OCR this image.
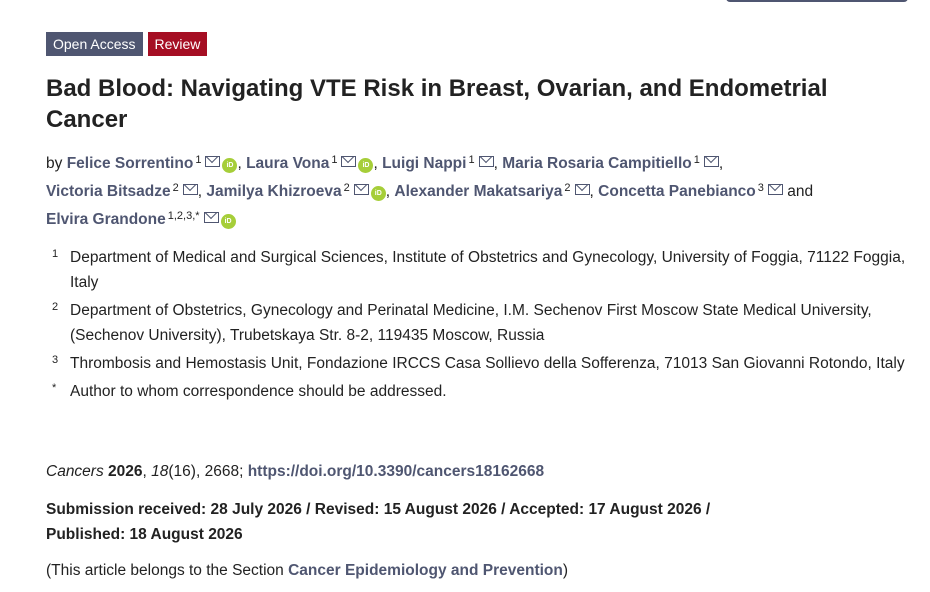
Open Access	Review
Bad Blood: Navigating VTE Risk in Breast, Ovarian, and Endometrial Cancer
by Felice Sorrentino $^1$	iD , Laura Vona $^1$	iD , Luigi Nappi $^1$ , Maria Rosaria Campitiello $^1$ ,
Victoria Bitsadze $^2$ , Jamilya Khizroeva $^2$	iD , Alexander Makatsariya $^2$ , Concetta Panebianco $^3$ and
Elvira Grandone $^{1,2,3,*}$	iD
1 Department of Medical and Surgical Sciences, Institute of Obstetrics and Gynecology, University of Foggia, 71122 Foggia, Italy
2 Department of Obstetrics, Gynecology and Perinatal Medicine, I.M. Sechenov First Moscow State Medical University, (Sechenov University), Trubetskaya Str. 8-2, 119435 Moscow, Russia
3 Thrombosis and Hemostasis Unit, Fondazione IRCCS Casa Sollievo della Sofferenza, 71013 San Giovanni Rotondo, Italy
* Author to whom correspondence should be addressed.
Cancers 2026, 18(16), 2668; https://doi.org/10.3390/cancers18162668
Submission received: 28 July 2026 / Revised: 15 August 2026 / Accepted: 17 August 2026 /
Published: 18 August 2026
(This article belongs to the Section Cancer Epidemiology and Prevention)
